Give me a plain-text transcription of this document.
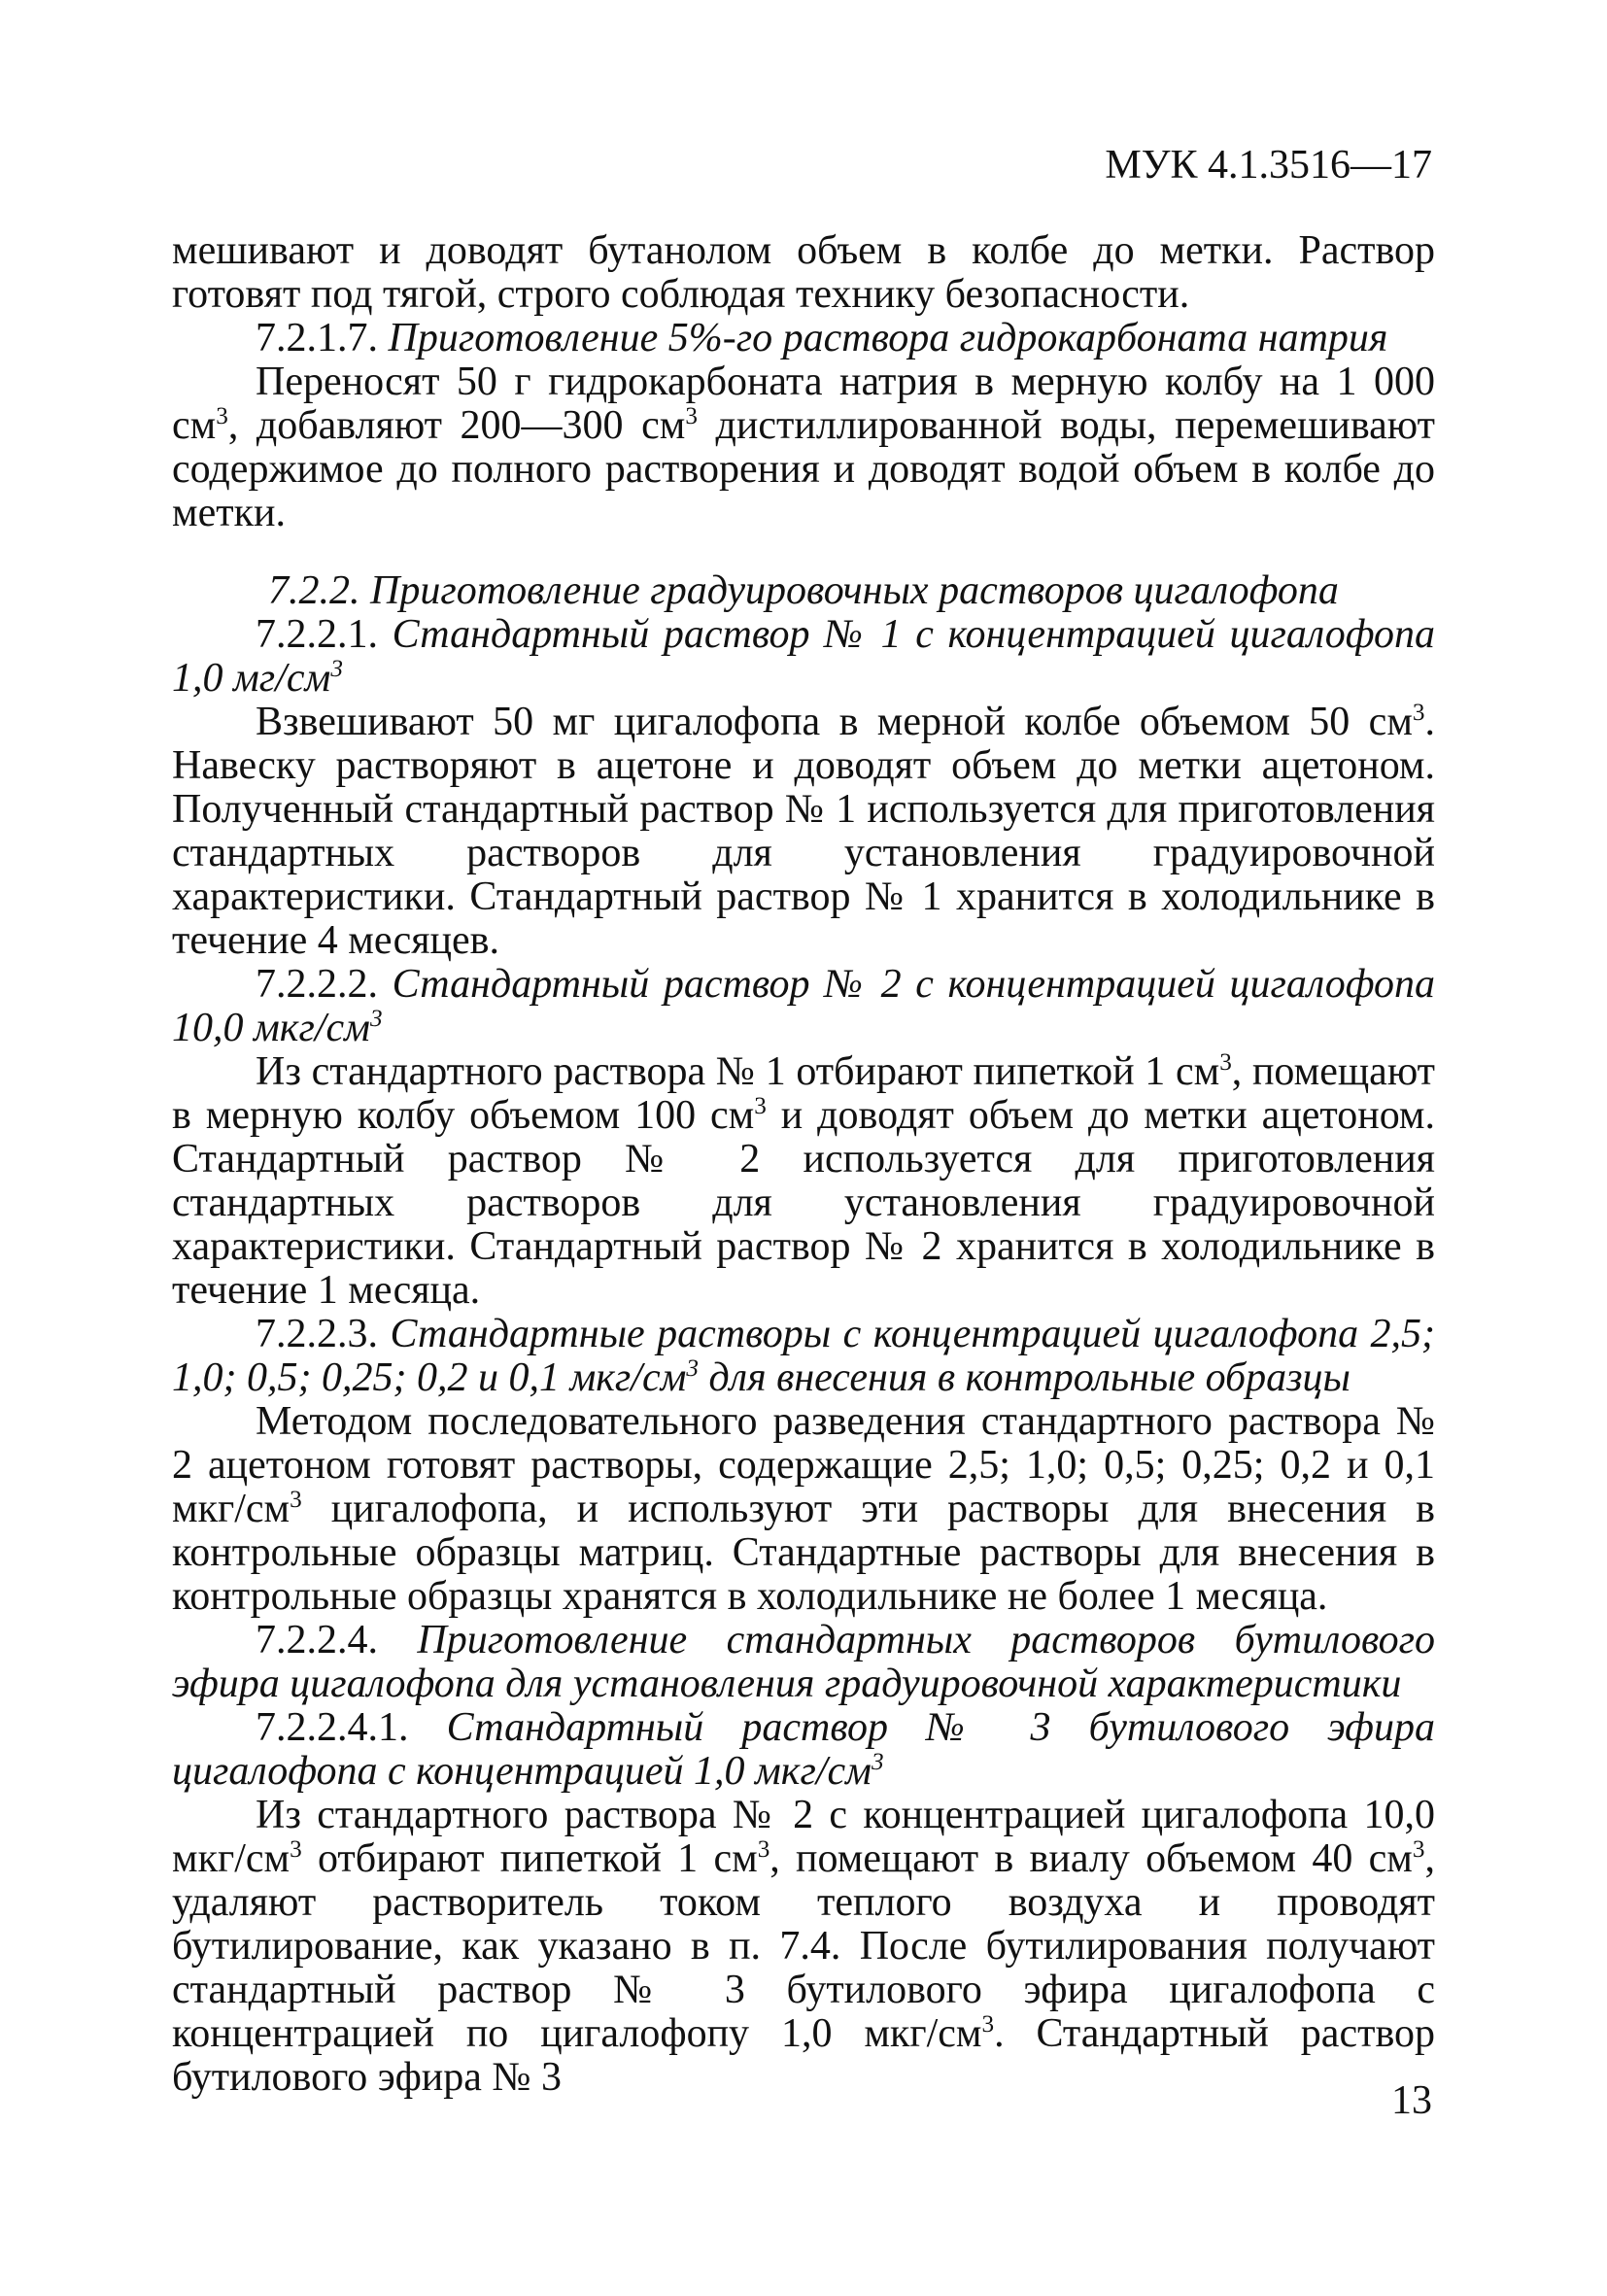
МУК 4.1.3516—17

мешивают и доводят бутанолом объем в колбе до метки. Раствор готовят под тягой, строго соблюдая технику безопасности.

7.2.1.7. Приготовление 5%-го раствора гидрокарбоната натрия

Переносят 50 г гидрокарбоната натрия в мерную колбу на 1 000 $см^3$, добавляют 200—300 $см^3$ дистиллированной воды, перемешивают содержимое до полного растворения и доводят водой объем в колбе до метки.

7.2.2. Приготовление градуировочных растворов цигалофопа

7.2.2.1. Стандартный раствор № 1 с концентрацией цигалофопа 1,0 $мг/см^3$

Взвешивают 50 мг цигалофопа в мерной колбе объемом 50 $см^3$. Навеску растворяют в ацетоне и доводят объем до метки ацетоном. Полученный стандартный раствор № 1 используется для приготовления стандартных растворов для установления градуировочной характеристики. Стандартный раствор № 1 хранится в холодильнике в течение 4 месяцев.

7.2.2.2. Стандартный раствор № 2 с концентрацией цигалофопа 10,0 мкг/$см^3$

Из стандартного раствора № 1 отбирают пипеткой 1 $см^3$, помещают в мерную колбу объемом 100 $см^3$ и доводят объем до метки ацетоном. Стандартный раствор № 2 используется для приготовления стандартных растворов для установления градуировочной характеристики. Стандартный раствор № 2 хранится в холодильнике в течение 1 месяца.

7.2.2.3. Стандартные растворы с концентрацией цигалофопа 2,5; 1,0; 0,5; 0,25; 0,2 и 0,1 мкг/$см^3$ для внесения в контрольные образцы

Методом последовательного разведения стандартного раствора № 2 ацетоном готовят растворы, содержащие 2,5; 1,0; 0,5; 0,25; 0,2 и 0,1 мкг/$см^3$ цигалофопа, и используют эти растворы для внесения в контрольные образцы матриц. Стандартные растворы для внесения в контрольные образцы хранятся в холодильнике не более 1 месяца.

7.2.2.4. Приготовление стандартных растворов бутилового эфира цигалофопа для установления градуировочной характеристики

7.2.2.4.1. Стандартный раствор № 3 бутилового эфира цигалофопа с концентрацией 1,0 мкг/$см^3$

Из стандартного раствора № 2 с концентрацией цигалофопа 10,0 мкг/$см^3$ отбирают пипеткой 1 $см^3$, помещают в виалу объемом 40 $см^3$, удаляют растворитель током теплого воздуха и проводят бутилирование, как указано в п. 7.4. После бутилирования получают стандартный раствор № 3 бутилового эфира цигалофопа с концентрацией по цигалофопу 1,0 мкг/$см^3$. Стандартный раствор бутилового эфира № 3

13
